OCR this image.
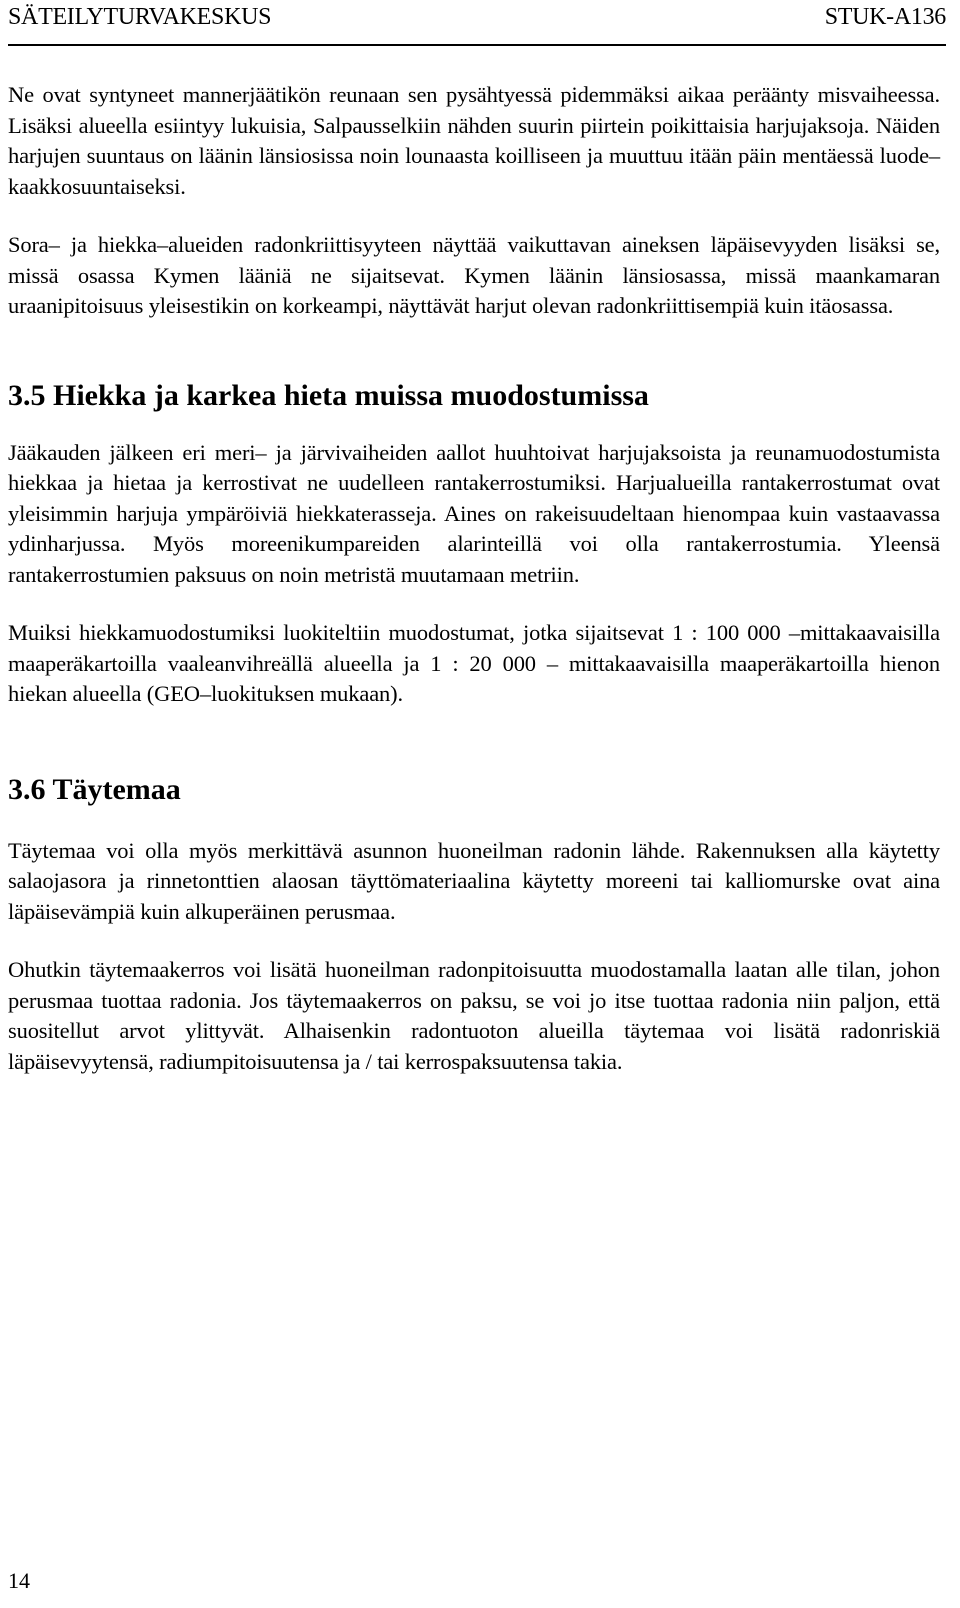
SÄTEILYTURVAKESKUS	STUK-A136

Ne ovat syntyneet mannerjäätikön reunaan sen pysähtyessä pidemmäksi aikaa peräänty misvaiheessa. Lisäksi alueella esiintyy lukuisia, Salpausselkiin nähden suurin piirtein poikittaisia harjujaksoja. Näiden harjujen suuntaus on läänin länsiosissa noin lounaasta koilliseen ja muuttuu itään päin mentäessä luode–kaakkosuuntaiseksi.

Sora– ja hiekka–alueiden radonkriittisyyteen näyttää vaikuttavan aineksen läpäisevyyden lisäksi se, missä osassa Kymen lääniä ne sijaitsevat. Kymen läänin länsiosassa, missä maankamaran uraanipitoisuus yleisestikin on korkeampi, näyttävät harjut olevan radonkriittisempiä kuin itäosassa.

3.5 Hiekka ja karkea hieta muissa muodostumissa

Jääkauden jälkeen eri meri– ja järvivaiheiden aallot huuhtoivat harjujaksoista ja reunamuodostumista hiekkaa ja hietaa ja kerrostivat ne uudelleen rantakerrostumiksi. Harjualueilla rantakerrostumat ovat yleisimmin harjuja ympäröiviä hiekkaterasseja. Aines on rakeisuudeltaan hienompaa kuin vastaavassa ydinharjussa. Myös moreenikumpareiden alarinteillä voi olla rantakerrostumia. Yleensä rantakerrostumien paksuus on noin metristä muutamaan metriin.

Muiksi hiekkamuodostumiksi luokiteltiin muodostumat, jotka sijaitsevat 1 : 100 000 –mittakaavaisilla maaperäkartoilla vaaleanvihreällä alueella ja 1 : 20 000 – mittakaavaisilla maaperäkartoilla hienon hiekan alueella (GEO–luokituksen mukaan).

3.6 Täytemaa

Täytemaa voi olla myös merkittävä asunnon huoneilman radonin lähde. Rakennuksen alla käytetty salaojasora ja rinnetonttien alaosan täyttömateriaalina käytetty moreeni tai kalliomurske ovat aina läpäisevämpiä kuin alkuperäinen perusmaa.

Ohutkin täytemaakerros voi lisätä huoneilman radonpitoisuutta muodostamalla laatan alle tilan, johon perusmaa tuottaa radonia. Jos täytemaakerros on paksu, se voi jo itse tuottaa radonia niin paljon, että suositellut arvot ylittyvät. Alhaisenkin radontuoton alueilla täytemaa voi lisätä radonriskiä läpäisevyytensä, radiumpitoisuutensa ja / tai kerrospaksuutensa takia.

14
